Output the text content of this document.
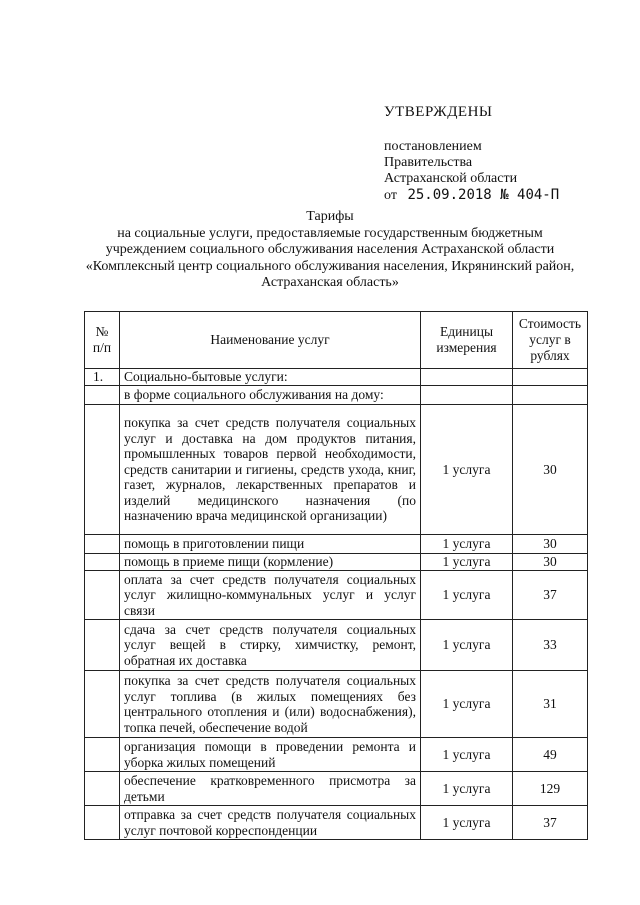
УТВЕРЖДЕНЫ
постановлением
Правительства
Астраханской области
от 25.09.2018 № 404-П
Тарифы
на социальные услуги, предоставляемые государственным бюджетным учреждением социального обслуживания населения Астраханской области «Комплексный центр социального обслуживания населения, Икрянинский район, Астраханская область»
№ п/п	Наименование услуг	Единицы измерения	Стоимость услуг в рублях
1.	Социально-бытовые услуги:		
	в форме социального обслуживания на дому:		
	покупка за счет средств получателя социальных услуг и доставка на дом продуктов питания, промышленных товаров первой необходимости, средств санитарии и гигиены, средств ухода, книг, газет, журналов, лекарственных препаратов и изделий медицинского назначения (по назначению врача медицинской организации)	1 услуга	30
	помощь в приготовлении пищи	1 услуга	30
	помощь в приеме пищи (кормление)	1 услуга	30
	оплата за счет средств получателя социальных услуг жилищно-коммунальных услуг и услуг связи	1 услуга	37
	сдача за счет средств получателя социальных услуг вещей в стирку, химчистку, ремонт, обратная их доставка	1 услуга	33
	покупка за счет средств получателя социальных услуг топлива (в жилых помещениях без центрального отопления и (или) водоснабжения), топка печей, обеспечение водой	1 услуга	31
	организация помощи в проведении ремонта и уборка жилых помещений	1 услуга	49
	обеспечение кратковременного присмотра за детьми	1 услуга	129
	отправка за счет средств получателя социальных услуг почтовой корреспонденции	1 услуга	37
